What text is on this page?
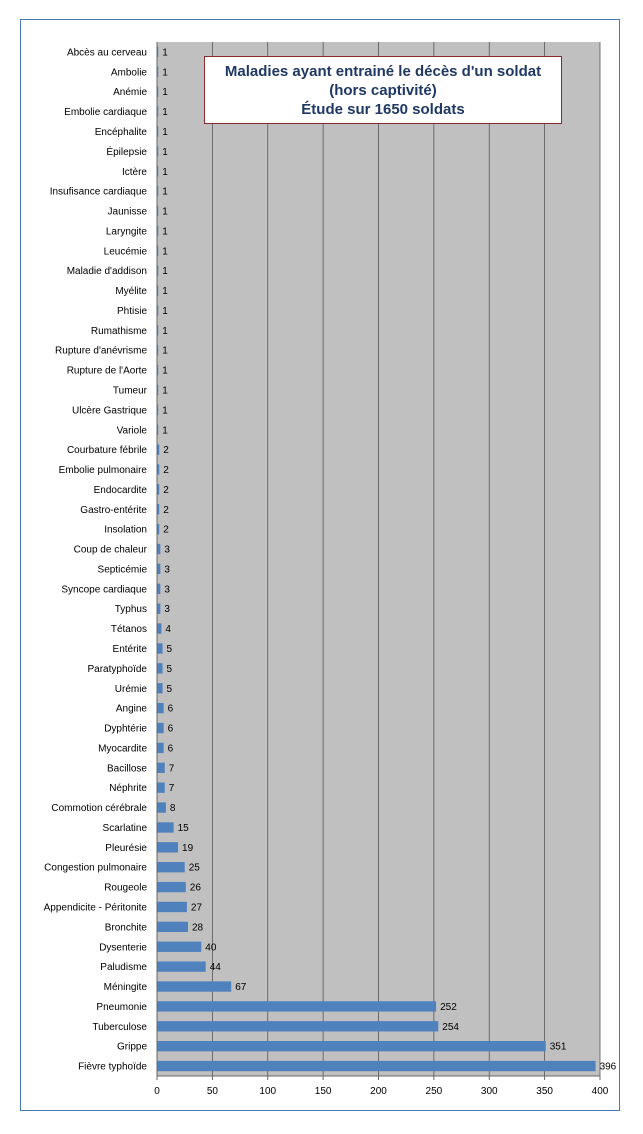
Abcès au cerveau
Ambolie
Anémie
Embolie cardiaque
Encéphalite
Épilepsie
Ictère
Insufisance cardiaque
Jaunisse
Laryngite
Leucémie
Maladie d'addison
Myélite
Phtisie
Rumathisme
Rupture d'anévrisme
Rupture de l'Aorte
Tumeur
Ulcère Gastrique
Variole
Courbature fébrile
Embolie pulmonaire
Endocardite
Gastro-entérite
Insolation
Coup de chaleur
Septicémie
Syncope cardiaque
Typhus
Tétanos
Entérite
Paratyphoïde
Urémie
Angine
Dyphtérie
Myocardite
Bacillose
Néphrite
Commotion cérébrale
Scarlatine
Pleurésie
Congestion pulmonaire
Rougeole
Appendicite - Péritonite
Bronchite
Dysenterie
Paludisme
Méningite
Pneumonie
Tuberculose
Grippe
Fièvre typhoïde
1
1
1
1
1
1
1
1
1
1
1
1
1
1
1
1
1
1
1
1
2
2
2
2
2
3
3
3
3
4
5
5
5
6
6
6
7
7
8
15
19
25
26
27
28
40
44
67
252
254
351
396
0	50	100	150	200	250	300	350	400
Maladies ayant entrainé le décès d'un soldat
(hors captivité)
Étude sur 1650 soldats
